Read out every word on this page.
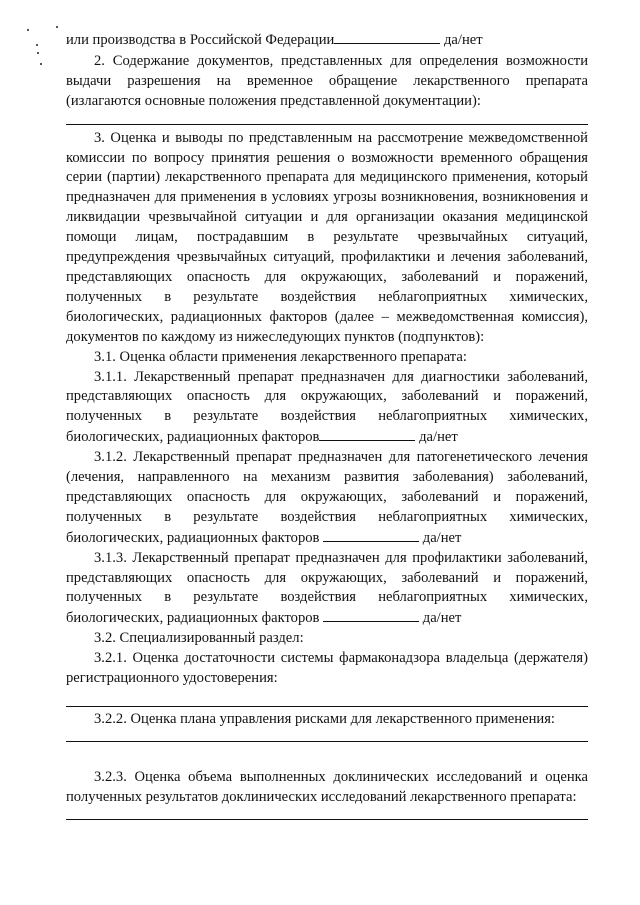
или производства в Российской Федерации	да/нет

2. Содержание документов, представленных для определения возможности выдачи разрешения на временное обращение лекарственного препарата (излагаются основные положения представленной документации):

3. Оценка и выводы по представленным на рассмотрение межведомственной комиссии по вопросу принятия решения о возможности временного обращения серии (партии) лекарственного препарата для медицинского применения, который предназначен для применения в условиях угрозы возникновения, возникновения и ликвидации чрезвычайной ситуации и для организации оказания медицинской помощи лицам, пострадавшим в результате чрезвычайных ситуаций, предупреждения чрезвычайных ситуаций, профилактики и лечения заболеваний, представляющих опасность для окружающих, заболеваний и поражений, полученных в результате воздействия неблагоприятных химических, биологических, радиационных факторов (далее – межведомственная комиссия), документов по каждому из нижеследующих пунктов (подпунктов):

3.1. Оценка области применения лекарственного препарата:

3.1.1. Лекарственный препарат предназначен для диагностики заболеваний, представляющих опасность для окружающих, заболеваний и поражений, полученных в результате воздействия неблагоприятных химических, биологических, радиационных факторов	да/нет

3.1.2. Лекарственный препарат предназначен для патогенетического лечения (лечения, направленного на механизм развития заболевания) заболеваний, представляющих опасность для окружающих, заболеваний и поражений, полученных в результате воздействия неблагоприятных химических, биологических, радиационных факторов	да/нет

3.1.3. Лекарственный препарат предназначен для профилактики заболеваний, представляющих опасность для окружающих, заболеваний и поражений, полученных в результате воздействия неблагоприятных химических, биологических, радиационных факторов	да/нет

3.2. Специализированный раздел:

3.2.1. Оценка достаточности системы фармаконадзора владельца (держателя) регистрационного удостоверения:

3.2.2. Оценка плана управления рисками для лекарственного применения:

3.2.3. Оценка объема выполненных доклинических исследований и оценка полученных результатов доклинических исследований лекарственного препарата:
